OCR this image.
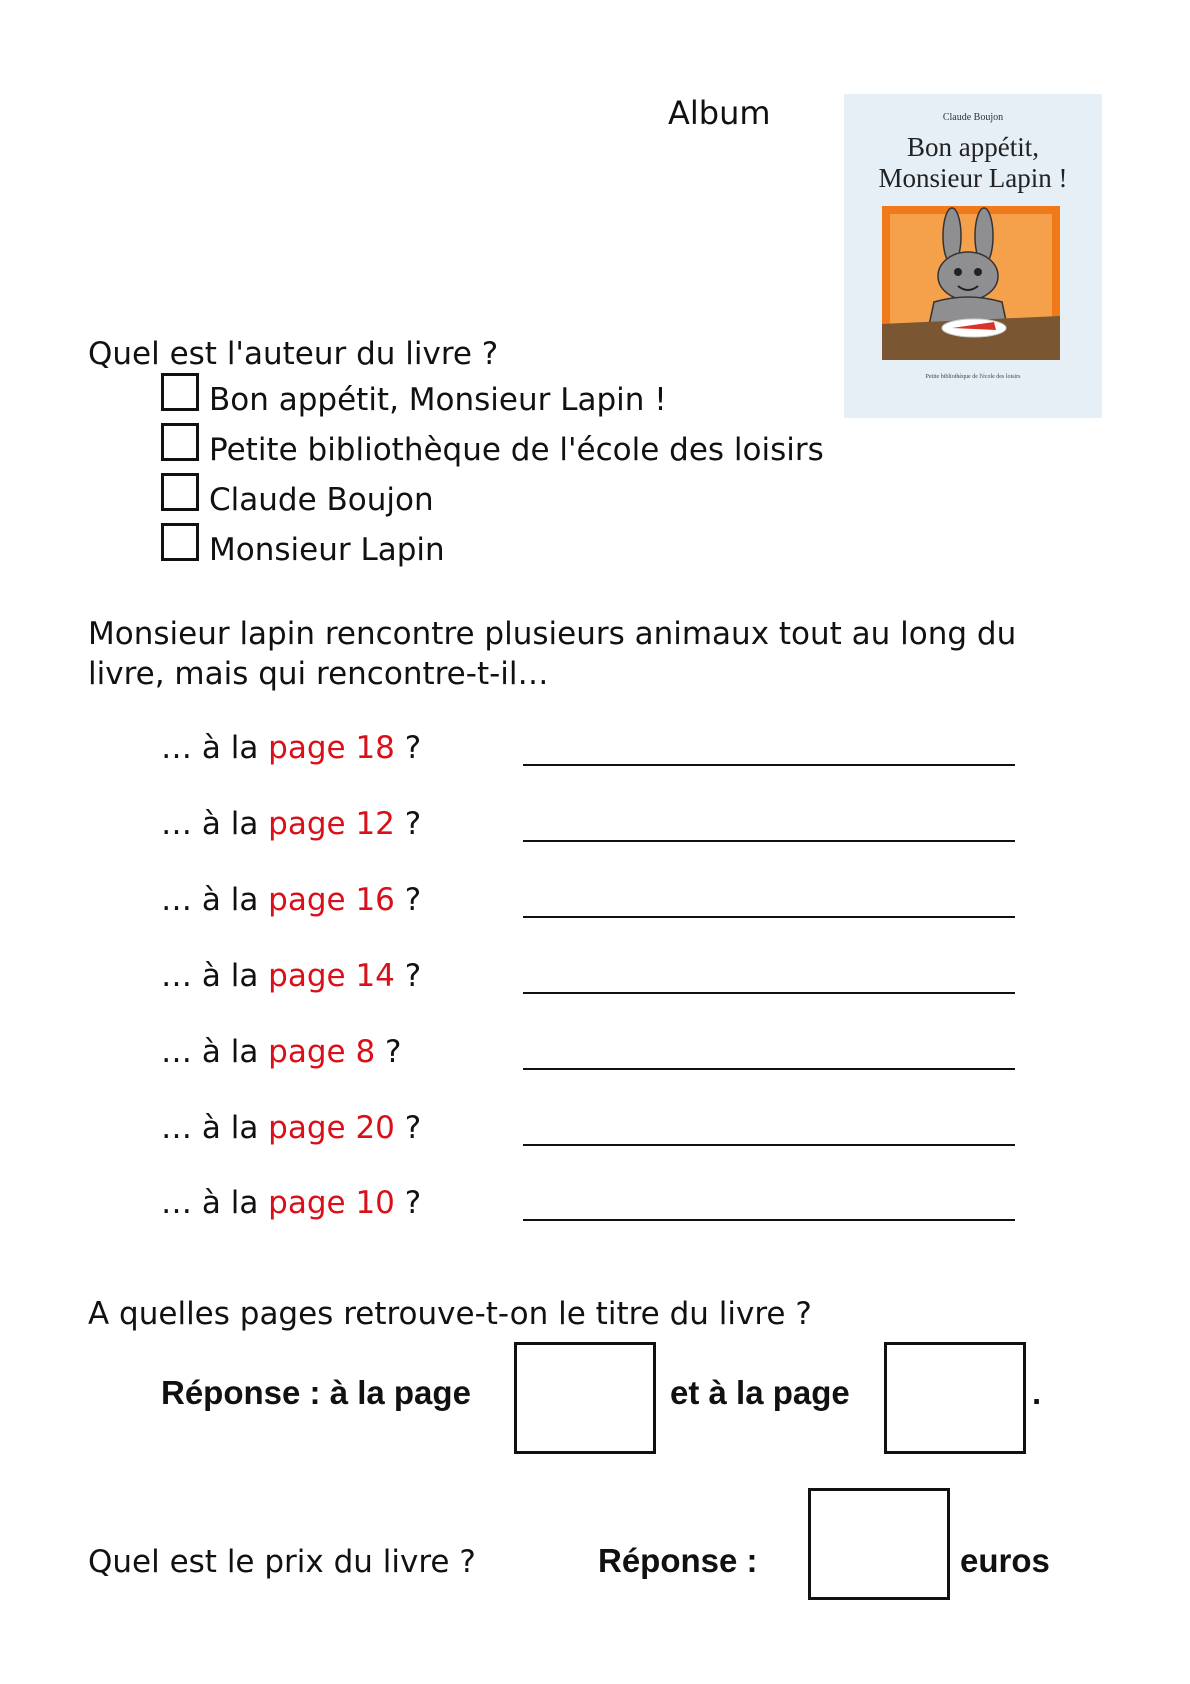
Album	Claude Boujon
Bon appétit,
Monsieur Lapin !
Petite bibliothèque de l'école des loisirs
Quel est l'auteur du livre ?
Bon appétit, Monsieur Lapin !
Petite bibliothèque de l'école des loisirs
Claude Boujon
Monsieur Lapin
Monsieur lapin rencontre plusieurs animaux tout au long du livre, mais qui rencontre-t-il…
… à la page 18 ?
… à la page 12 ?
… à la page 16 ?
… à la page 14 ?
… à la page 8 ?
… à la page 20 ?
… à la page 10 ?
A quelles pages retrouve-t-on le titre du livre ?
Réponse : à la page	et à la page	.
Quel est le prix du livre ?	Réponse :	euros
